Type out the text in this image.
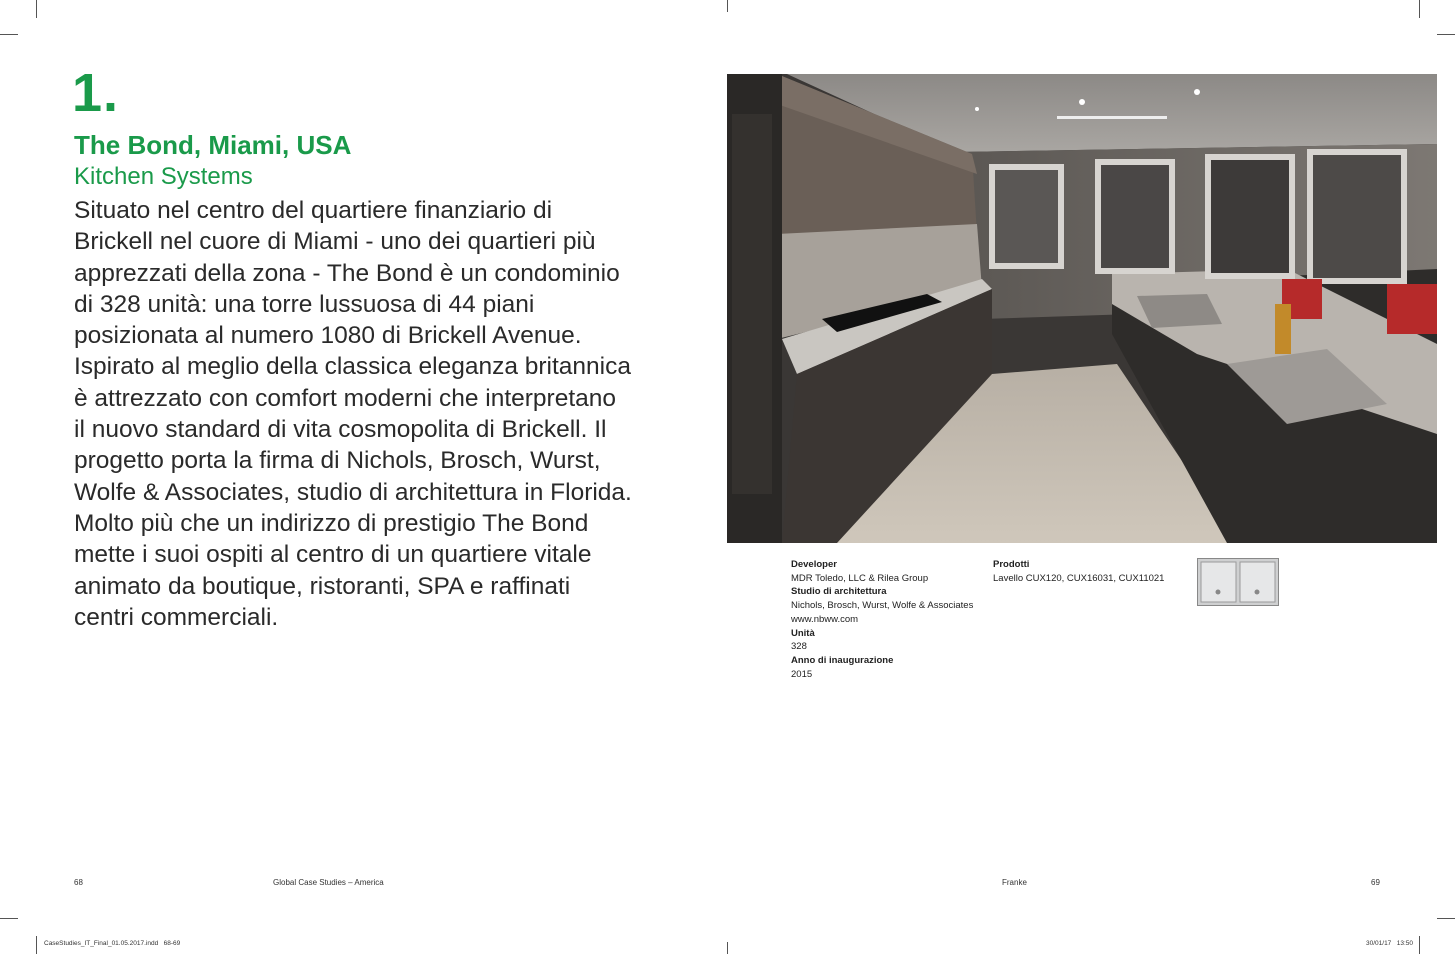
1.
The Bond, Miami, USA
Kitchen Systems
Situato nel centro del quartiere finanziario di
Brickell nel cuore di Miami - uno dei quartieri più
apprezzati della zona - The Bond è un condominio
di 328 unità: una torre lussuosa di 44 piani
posizionata al numero 1080 di Brickell Avenue.
Ispirato al meglio della classica eleganza britannica
è attrezzato con comfort moderni che interpretano
il nuovo standard di vita cosmopolita di Brickell. Il
progetto porta la firma di Nichols, Brosch, Wurst,
Wolfe & Associates, studio di architettura in Florida.
Molto più che un indirizzo di prestigio The Bond
mette i suoi ospiti al centro di un quartiere vitale
animato da boutique, ristoranti, SPA e raffinati
centri commerciali.
68	Global Case Studies – America
Developer
MDR Toledo, LLC & Rilea Group
Studio di architettura
Nichols, Brosch, Wurst, Wolfe & Associates
www.nbww.com
Unità
328
Anno di inaugurazione
2015
Prodotti
Lavello CUX120, CUX16031, CUX11021
Franke	69
CaseStudies_IT_Final_01.05.2017.indd   68-69	30/01/17   13:50
